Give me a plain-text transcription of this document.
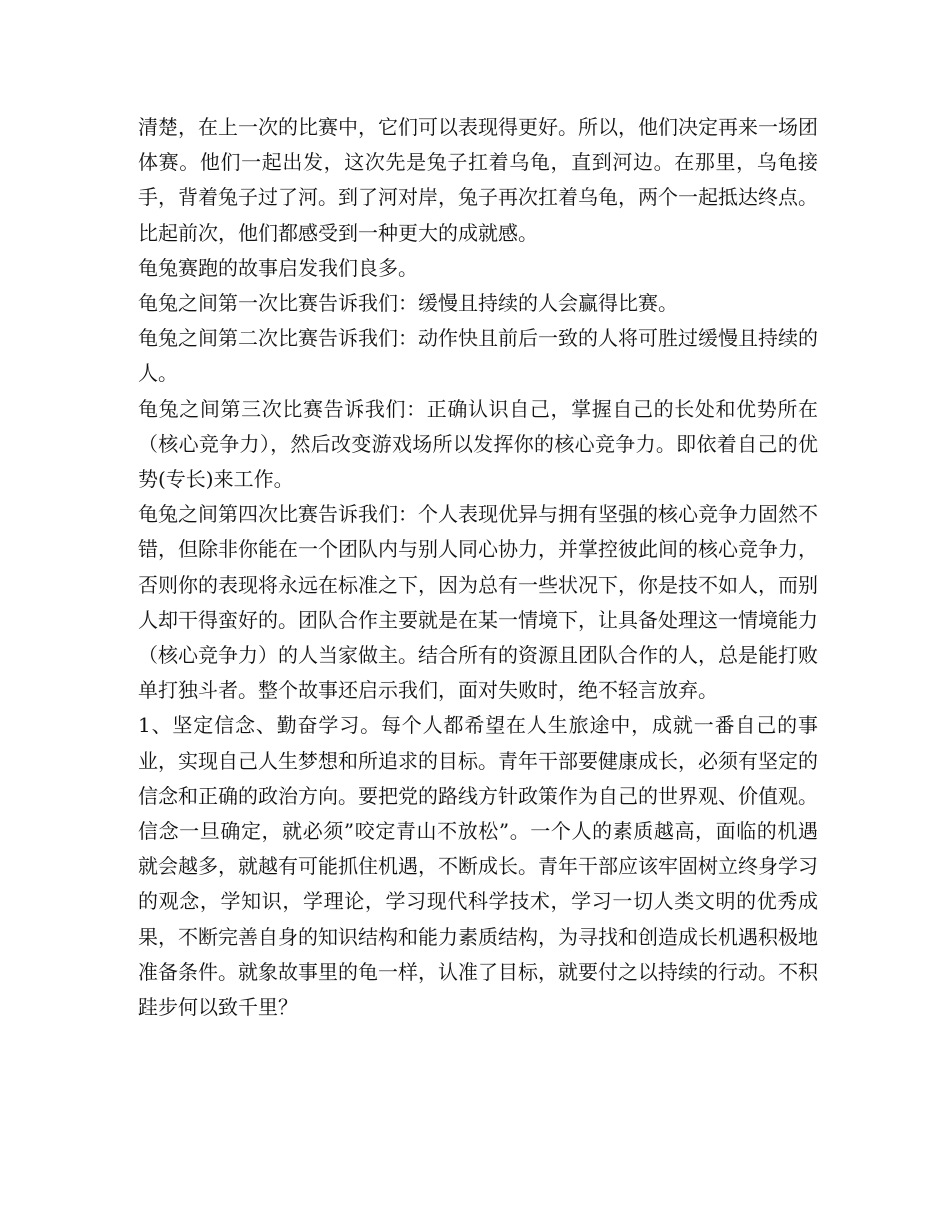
清楚，在上一次的比赛中，它们可以表现得更好。所以，他们决定再来一场团体赛。他们一起出发，这次先是兔子扛着乌龟，直到河边。在那里，乌龟接手，背着兔子过了河。到了河对岸，兔子再次扛着乌龟，两个一起抵达终点。比起前次，他们都感受到一种更大的成就感。

龟兔赛跑的故事启发我们良多。

龟兔之间第一次比赛告诉我们：缓慢且持续的人会赢得比赛。

龟兔之间第二次比赛告诉我们：动作快且前后一致的人将可胜过缓慢且持续的人。

龟兔之间第三次比赛告诉我们：正确认识自己，掌握自己的长处和优势所在（核心竞争力），然后改变游戏场所以发挥你的核心竞争力。即依着自己的优势(专长)来工作。

龟兔之间第四次比赛告诉我们：个人表现优异与拥有坚强的核心竞争力固然不错，但除非你能在一个团队内与别人同心协力，并掌控彼此间的核心竞争力，否则你的表现将永远在标准之下，因为总有一些状况下，你是技不如人，而别人却干得蛮好的。团队合作主要就是在某一情境下，让具备处理这一情境能力（核心竞争力）的人当家做主。结合所有的资源且团队合作的人，总是能打败单打独斗者。整个故事还启示我们，面对失败时，绝不轻言放弃。

1、坚定信念、勤奋学习。每个人都希望在人生旅途中，成就一番自己的事业，实现自己人生梦想和所追求的目标。青年干部要健康成长，必须有坚定的信念和正确的政治方向。要把党的路线方针政策作为自己的世界观、价值观。信念一旦确定，就必须”咬定青山不放松”。一个人的素质越高，面临的机遇就会越多，就越有可能抓住机遇，不断成长。青年干部应该牢固树立终身学习的观念，学知识，学理论，学习现代科学技术，学习一切人类文明的优秀成果，不断完善自身的知识结构和能力素质结构，为寻找和创造成长机遇积极地准备条件。就象故事里的龟一样，认准了目标，就要付之以持续的行动。不积跬步何以致千里？
